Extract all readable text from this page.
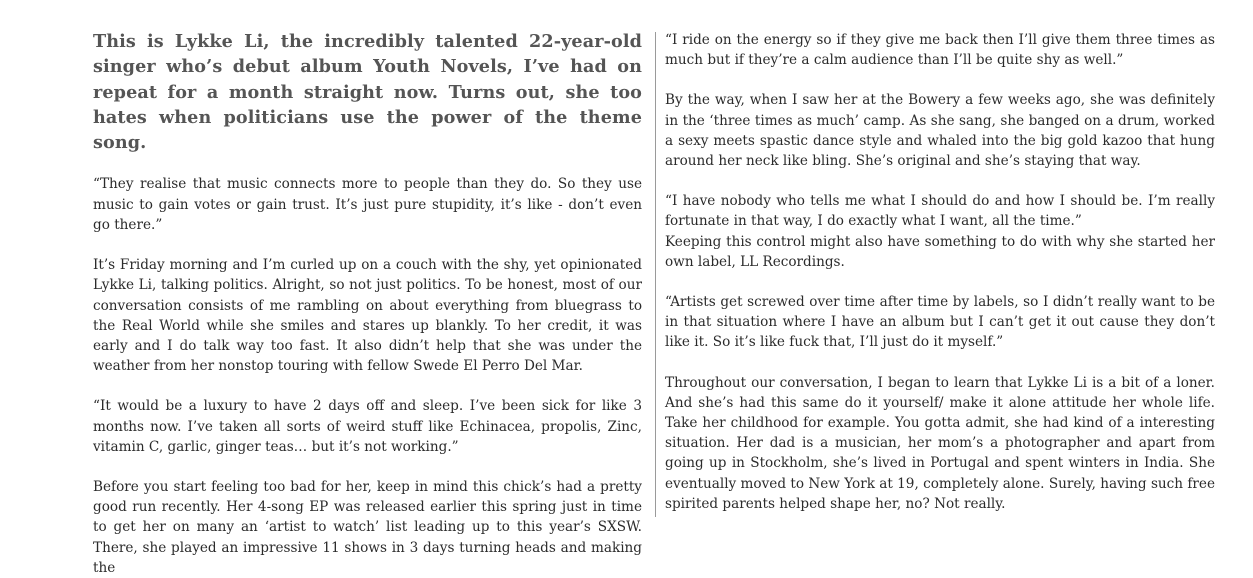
This is Lykke Li, the incredibly talented 22-year-old singer who’s debut album Youth Novels, I’ve had on repeat for a month straight now. Turns out, she too hates when politicians use the power of the theme song.

“They realise that music connects more to people than they do. So they use music to gain votes or gain trust. It’s just pure stupidity, it’s like - don’t even go there.”

It’s Friday morning and I’m curled up on a couch with the shy, yet opinionated Lykke Li, talking politics. Alright, so not just politics. To be honest, most of our conversation consists of me rambling on about everything from bluegrass to the Real World while she smiles and stares up blankly. To her credit, it was early and I do talk way too fast. It also didn’t help that she was under the weather from her nonstop touring with fellow Swede El Perro Del Mar.

“It would be a luxury to have 2 days off and sleep. I’ve been sick for like 3 months now. I’ve taken all sorts of weird stuff like Echinacea, propolis, Zinc, vitamin C, garlic, ginger teas… but it’s not working.”

Before you start feeling too bad for her, keep in mind this chick’s had a pretty good run recently. Her 4-song EP was released earlier this spring just in time to get her on many an ‘artist to watch’ list leading up to this year’s SXSW. There, she played an impressive 11 shows in 3 days turning heads and making the

“I ride on the energy so if they give me back then I’ll give them three times as much but if they’re a calm audience than I’ll be quite shy as well.”

By the way, when I saw her at the Bowery a few weeks ago, she was definitely in the ‘three times as much’ camp. As she sang, she banged on a drum, worked a sexy meets spastic dance style and whaled into the big gold kazoo that hung around her neck like bling. She’s original and she’s staying that way.

“I have nobody who tells me what I should do and how I should be. I’m really fortunate in that way, I do exactly what I want, all the time.”

Keeping this control might also have something to do with why she started her own label, LL Recordings.

“Artists get screwed over time after time by labels, so I didn’t really want to be in that situation where I have an album but I can’t get it out cause they don’t like it. So it’s like fuck that, I’ll just do it myself.”

Throughout our conversation, I began to learn that Lykke Li is a bit of a loner. And she’s had this same do it yourself/ make it alone attitude her whole life. Take her childhood for example. You gotta admit, she had kind of a interesting situation. Her dad is a musician, her mom’s a photographer and apart from going up in Stockholm, she’s lived in Portugal and spent winters in India. She eventually moved to New York at 19, completely alone. Surely, having such free spirited parents helped shape her, no? Not really.
